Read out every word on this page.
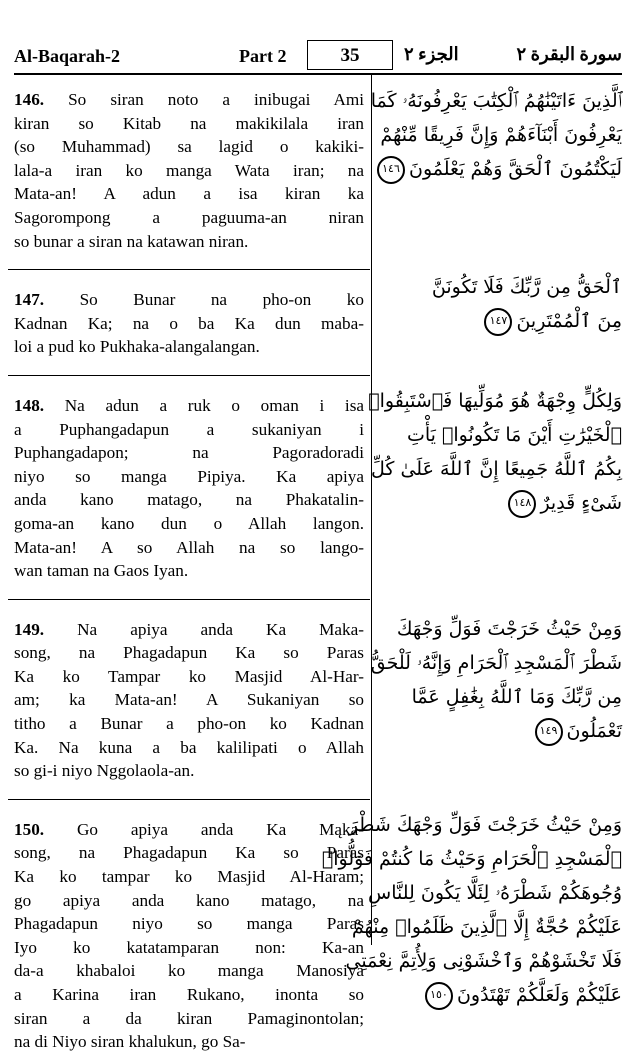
Al-Baqarah-2	Part 2	35	الجزء ٢	سورة البقرة ٢
146. So siran noto a inibugai Ami
kiran so Kitab na makikilala iran
(so Muhammad) sa lagid o kakiki-
lala-a iran ko manga Wata iran; na
Mata-an! A adun a isa kiran ka
Sagorompong a paguuma-an niran
so bunar a siran na katawan niran.
147. So Bunar na pho-on ko
Kadnan Ka; na o ba Ka dun maba-
loi a pud ko Pukhaka-alangalangan.
148. Na adun a ruk o oman i isa
a Puphangadapun a sukaniyan i
Puphangadapon; na Pagoradoradi
niyo so manga Pipiya. Ka apiya
anda kano matago, na Phakatalin-
goma-an kano dun o Allah langon.
Mata-an! A so Allah na so lango-
wan taman na Gaos Iyan.
149. Na apiya anda Ka Maka-
song, na Phagadapun Ka so Paras
Ka ko Tampar ko Masjid Al-Har-
am; ka Mata-an! A Sukaniyan so
titho a Bunar a pho-on ko Kadnan
Ka. Na kuna a ba kalilipati o Allah
so gi-i niyo Nggolaola-an.
150. Go apiya anda Ka Mąka-
song, na Phagadapun Ka so Paras
Ka ko tampar ko Masjid Al-Haram;
go apiya anda kano matago, na
Phagadapun niyo so manga Paras
Iyo ko katatamparan non: Ka-an
da-a khabaloi ko manga Manosiya
a Karina iran Rukano, inonta so
siran a da kiran Pamaginontolan;
na di Niyo siran khalukun, go Sa-
ٱلَّذِينَ ءَاتَيْنَٰهُمُ ٱلْكِتَٰبَ يَعْرِفُونَهُۥ كَمَا
يَعْرِفُونَ أَبْنَآءَهُمْ وَإِنَّ فَرِيقًا مِّنْهُمْ
لَيَكْتُمُونَ ٱلْحَقَّ وَهُمْ يَعْلَمُونَ١٤٦
ٱلْحَقُّ مِن رَّبِّكَ فَلَا تَكُونَنَّ
مِنَ ٱلْمُمْتَرِينَ١٤٧
وَلِكُلٍّ وِجْهَةٌ هُوَ مُوَلِّيهَا فَٱسْتَبِقُوا۟
ٱلْخَيْرَٰتِ أَيْنَ مَا تَكُونُوا۟ يَأْتِ
بِكُمُ ٱللَّهُ جَمِيعًا إِنَّ ٱللَّهَ عَلَىٰ كُلِّ
شَىْءٍ قَدِيرٌ١٤٨
وَمِنْ حَيْثُ خَرَجْتَ فَوَلِّ وَجْهَكَ
شَطْرَ ٱلْمَسْجِدِ ٱلْحَرَامِ وَإِنَّهُۥ لَلْحَقُّ
مِن رَّبِّكَ وَمَا ٱللَّهُ بِغَٰفِلٍ عَمَّا
تَعْمَلُونَ١٤٩
وَمِنْ حَيْثُ خَرَجْتَ فَوَلِّ وَجْهَكَ شَطْرَ
ٱلْمَسْجِدِ ٱلْحَرَامِ وَحَيْثُ مَا كُنتُمْ فَوَلُّوا۟
وُجُوهَكُمْ شَطْرَهُۥ لِئَلَّا يَكُونَ لِلنَّاسِ
عَلَيْكُمْ حُجَّةٌ إِلَّا ٱلَّذِينَ ظَلَمُوا۟ مِنْهُمْ
فَلَا تَخْشَوْهُمْ وَٱخْشَوْنِى وَلِأُتِمَّ نِعْمَتِى
عَلَيْكُمْ وَلَعَلَّكُمْ تَهْتَدُونَ١٥٠
